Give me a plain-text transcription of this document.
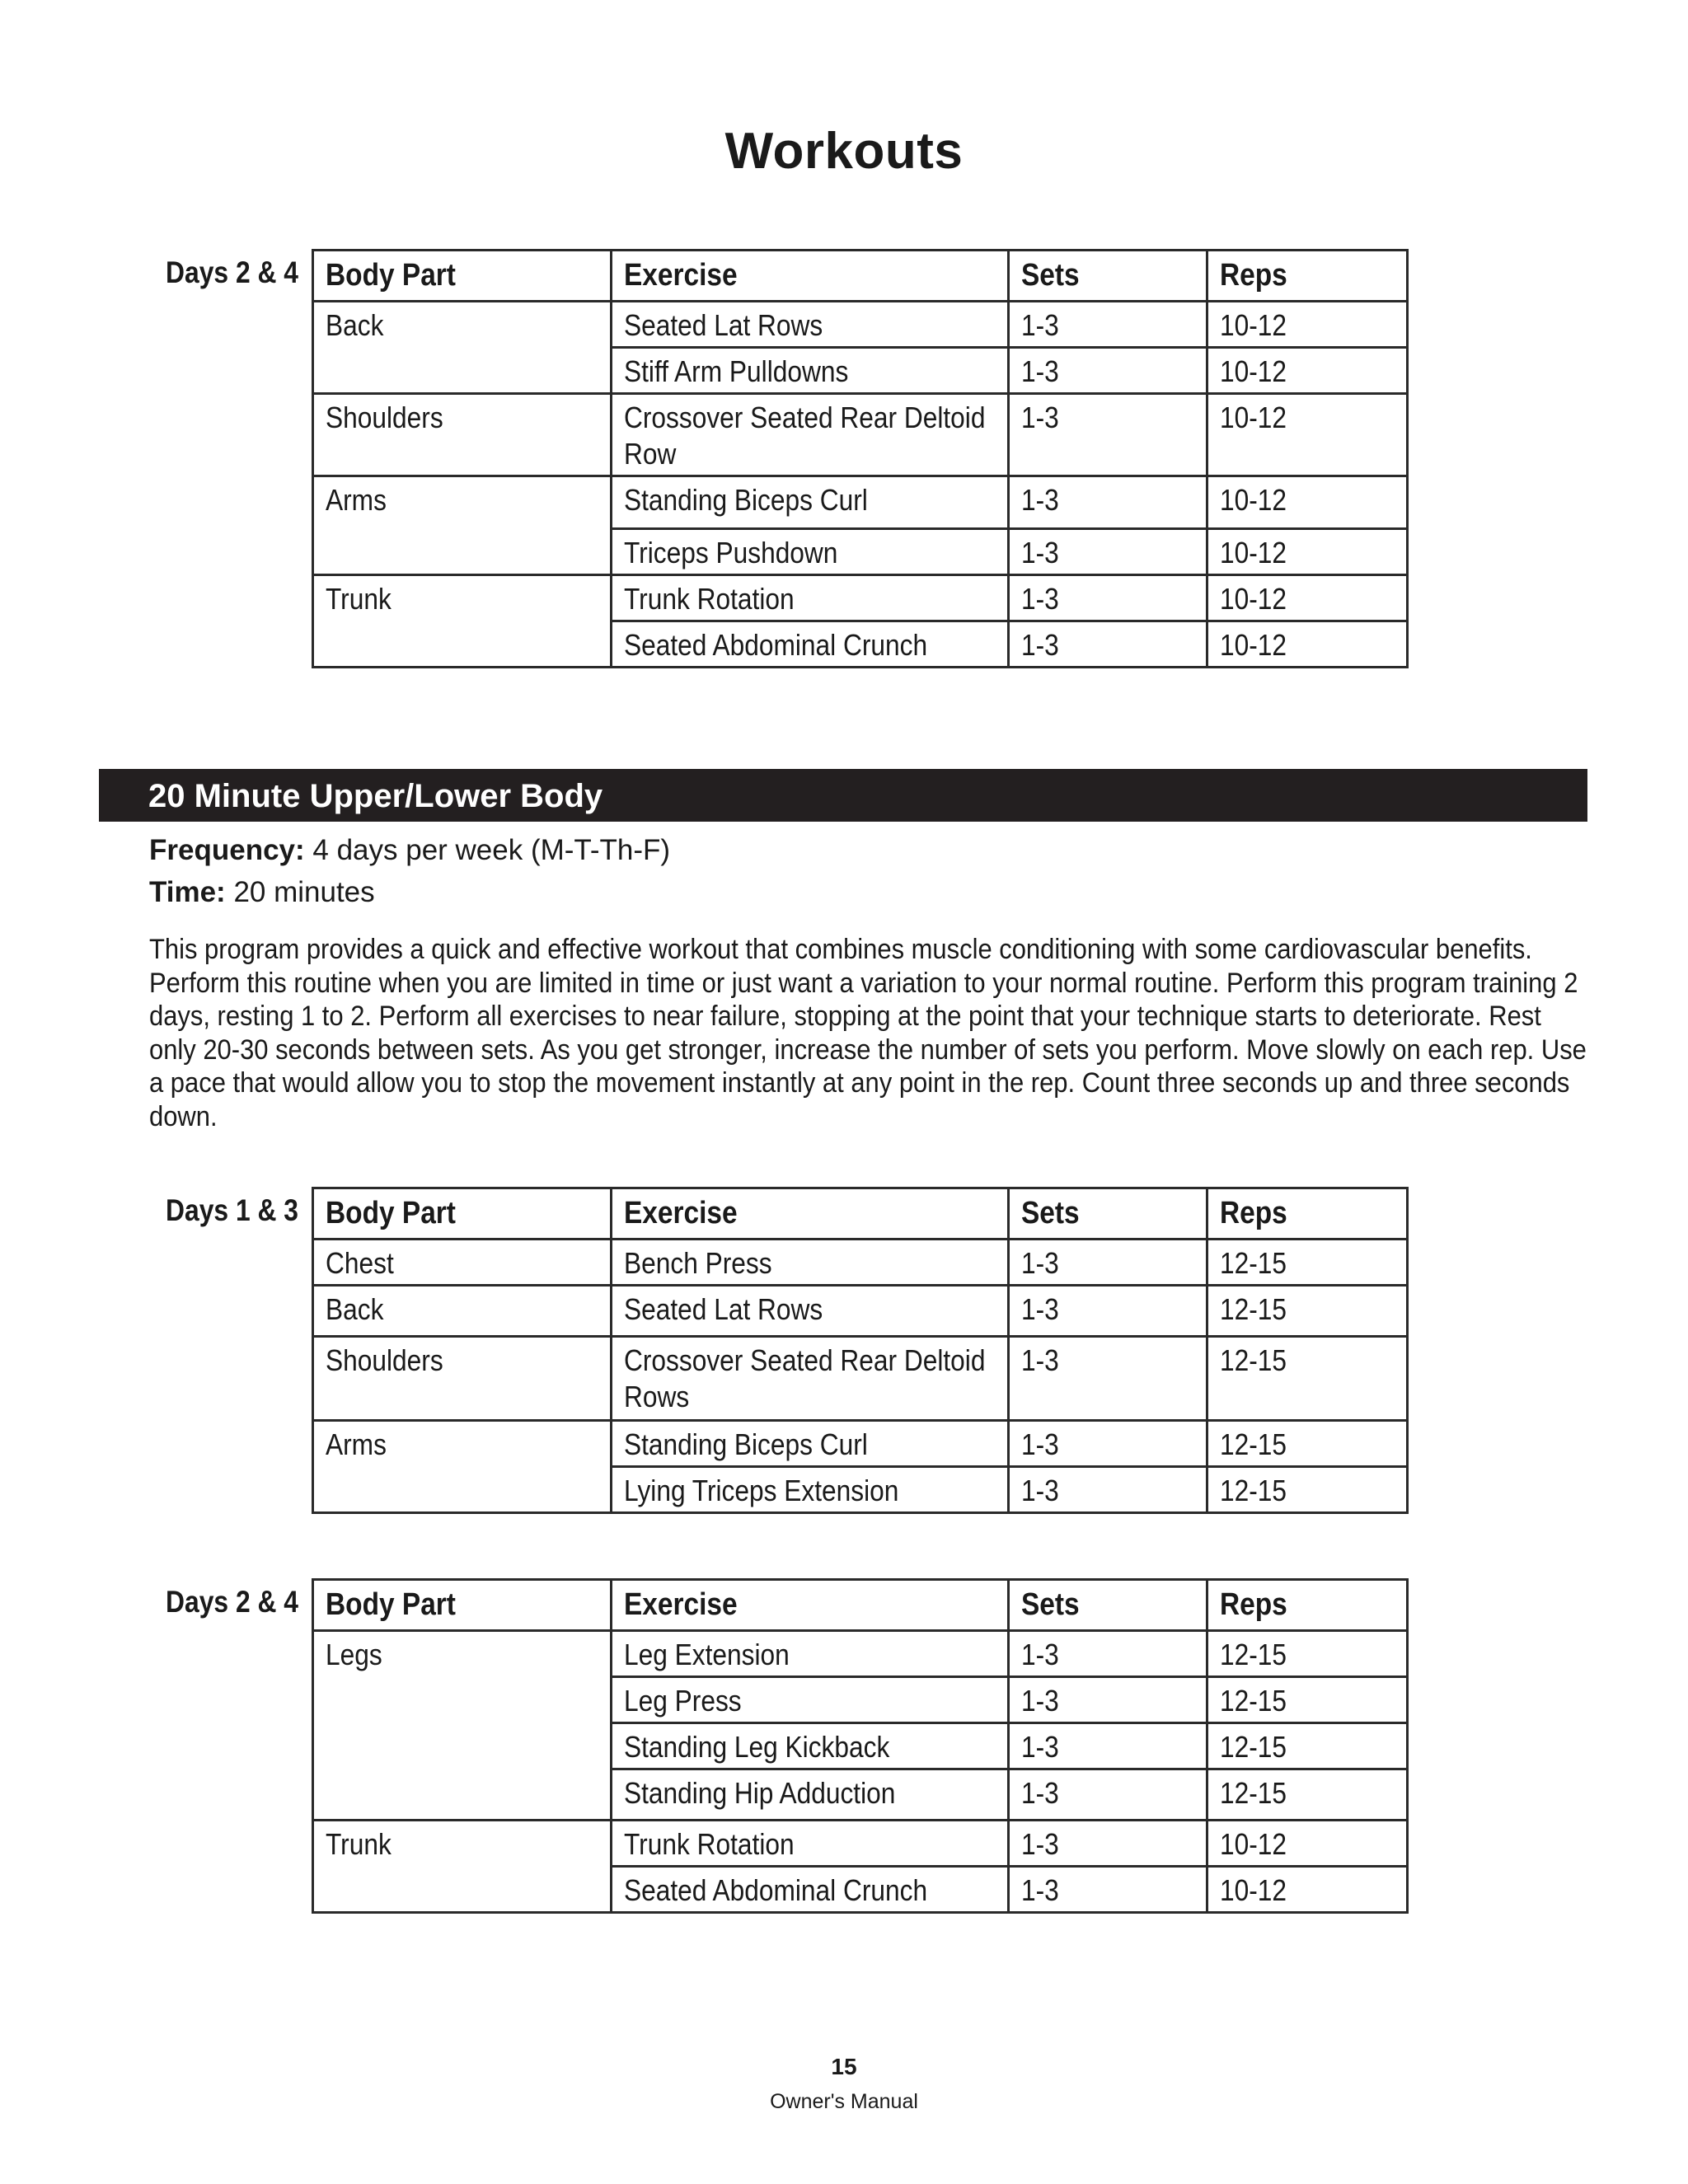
Workouts
Days 2 & 4 Body Part	Exercise	Sets	Reps
Back	Seated Lat Rows	1-3	10-12
	Stiff Arm Pulldowns	1-3	10-12
Shoulders	Crossover Seated Rear Deltoid Row	1-3	10-12
Arms	Standing Biceps Curl	1-3	10-12
	Triceps Pushdown	1-3	10-12
Trunk	Trunk Rotation	1-3	10-12
	Seated Abdominal Crunch	1-3	10-12
20 Minute Upper/Lower Body
Frequency: 4 days per week (M-T-Th-F)
Time: 20 minutes
This program provides a quick and effective workout that combines muscle conditioning with some cardiovascular benefits. Perform this routine when you are limited in time or just want a variation to your normal routine. Perform this program training 2 days, resting 1 to 2. Perform all exercises to near failure, stopping at the point that your technique starts to deteriorate. Rest only 20-30 seconds between sets. As you get stronger, increase the number of sets you perform. Move slowly on each rep. Use a pace that would allow you to stop the movement instantly at any point in the rep. Count three seconds up and three seconds down.
Days 1 & 3 Body Part	Exercise	Sets	Reps
Chest	Bench Press	1-3	12-15
Back	Seated Lat Rows	1-3	12-15
Shoulders	Crossover Seated Rear Deltoid Rows	1-3	12-15
Arms	Standing Biceps Curl	1-3	12-15
	Lying Triceps Extension	1-3	12-15
Days 2 & 4 Body Part	Exercise	Sets	Reps
Legs	Leg Extension	1-3	12-15
	Leg Press	1-3	12-15
	Standing Leg Kickback	1-3	12-15
	Standing Hip Adduction	1-3	12-15
Trunk	Trunk Rotation	1-3	10-12
	Seated Abdominal Crunch	1-3	10-12
15
Owner's Manual
